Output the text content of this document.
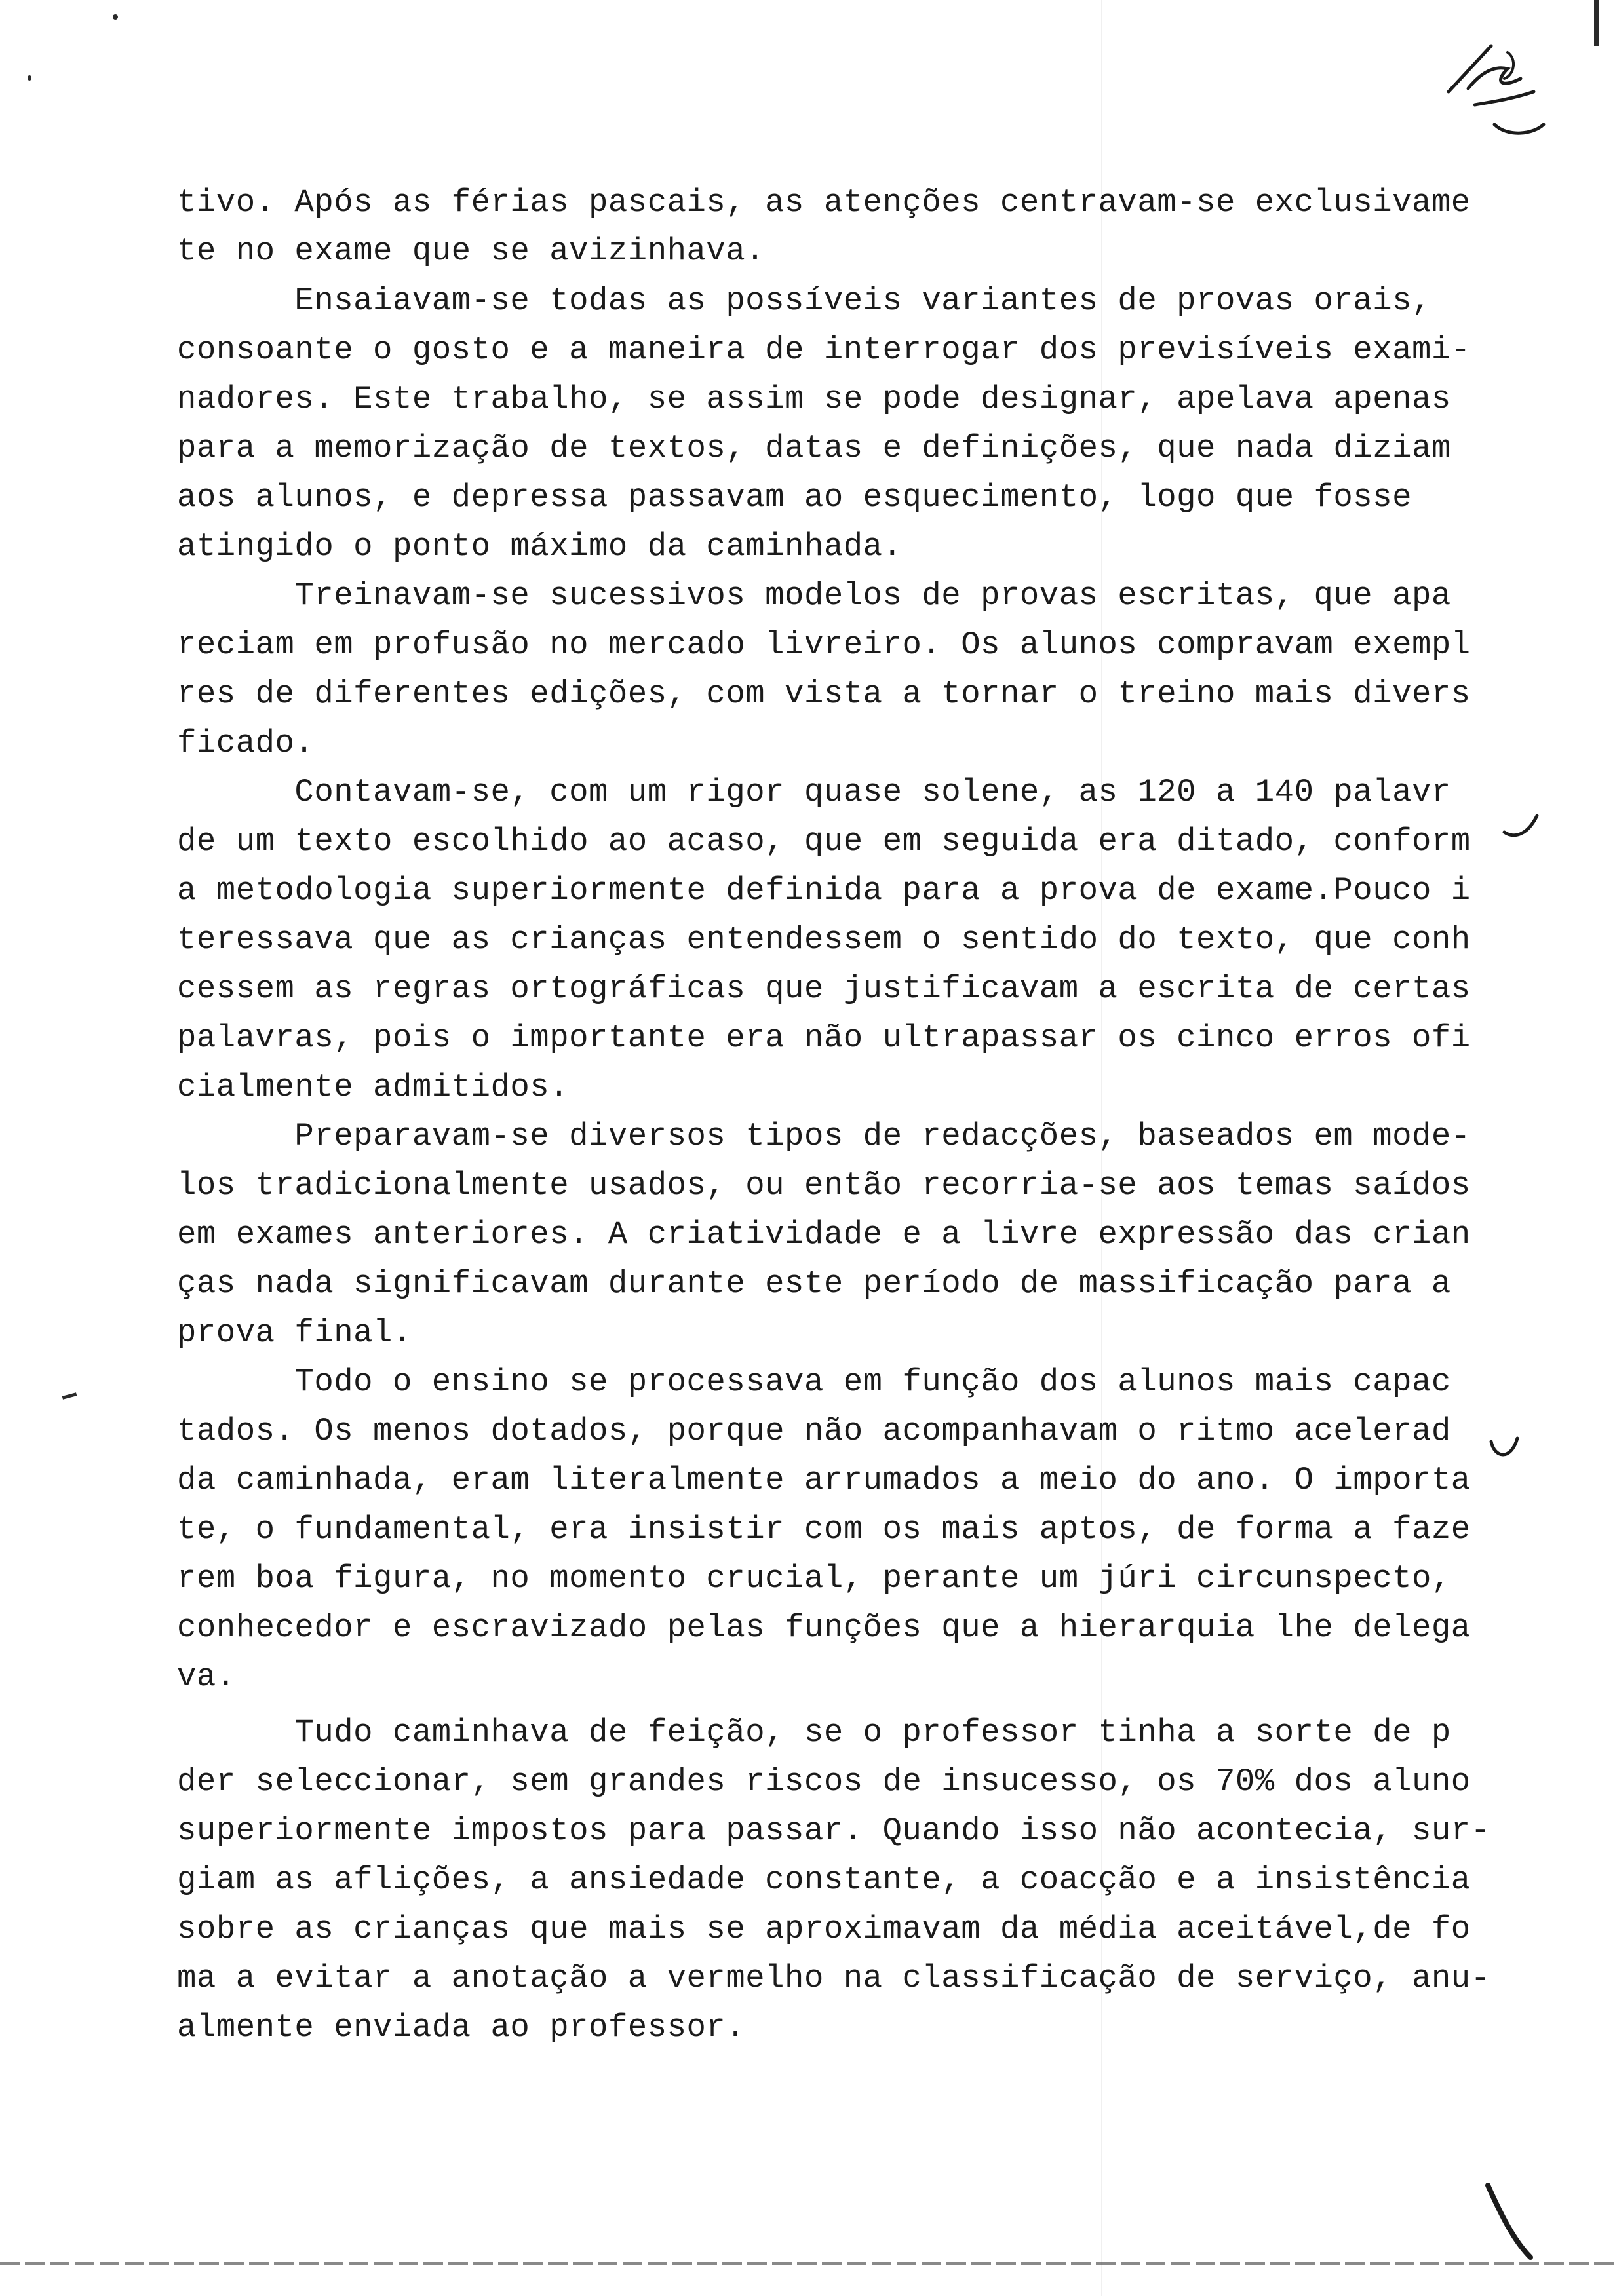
tivo. Após as férias pascais, as atenções centravam-se exclusivame
te no exame que se avizinhava.
Ensaiavam-se todas as possíveis variantes de provas orais,
consoante o gosto e a maneira de interrogar dos previsíveis exami-
nadores. Este trabalho, se assim se pode designar, apelava apenas
para a memorização de textos, datas e definições, que nada diziam
aos alunos, e depressa passavam ao esquecimento, logo que fosse
atingido o ponto máximo da caminhada.
Treinavam-se sucessivos modelos de provas escritas, que apa
reciam em profusão no mercado livreiro. Os alunos compravam exempl
res de diferentes edições, com vista a tornar o treino mais divers
ficado.
Contavam-se, com um rigor quase solene, as 120 a 140 palavr
de um texto escolhido ao acaso, que em seguida era ditado, conform
a metodologia superiormente definida para a prova de exame.Pouco i
teressava que as crianças entendessem o sentido do texto, que conh
cessem as regras ortográficas que justificavam a escrita de certas
palavras, pois o importante era não ultrapassar os cinco erros ofi
cialmente admitidos.
Preparavam-se diversos tipos de redacções, baseados em mode-
los tradicionalmente usados, ou então recorria-se aos temas saídos
em exames anteriores. A criatividade e a livre expressão das crian
ças nada significavam durante este período de massificação para a
prova final.
Todo o ensino se processava em função dos alunos mais capac
tados. Os menos dotados, porque não acompanhavam o ritmo acelerad
da caminhada, eram literalmente arrumados a meio do ano. O importa
te, o fundamental, era insistir com os mais aptos, de forma a faze
rem boa figura, no momento crucial, perante um júri circunspecto,
conhecedor e escravizado pelas funções que a hierarquia lhe delega
va.
Tudo caminhava de feição, se o professor tinha a sorte de p
der seleccionar, sem grandes riscos de insucesso, os 70% dos aluno
superiormente impostos para passar. Quando isso não acontecia, sur-
giam as aflições, a ansiedade constante, a coacção e a insistência
sobre as crianças que mais se aproximavam da média aceitável,de fo
ma a evitar a anotação a vermelho na classificação de serviço, anu-
almente enviada ao professor.
